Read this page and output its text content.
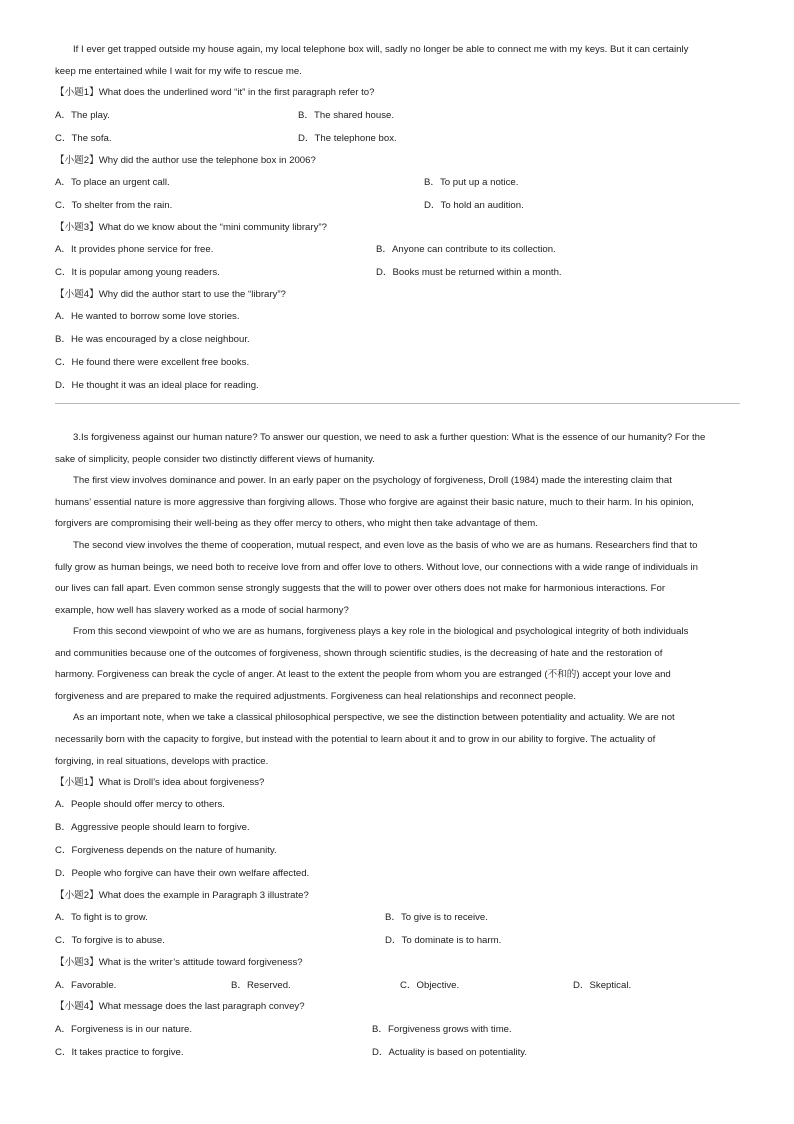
If I ever get trapped outside my house again, my local telephone box will, sadly no longer be able to connect me with my keys. But it can certainly
keep me entertained while I wait for my wife to rescue me.
【小题1】What does the underlined word “it” in the first paragraph refer to?
A．The play.	B．The shared house.
C．The sofa.	D．The telephone box.
【小题2】Why did the author use the telephone box in 2006?
A．To place an urgent call.	B．To put up a notice.
C．To shelter from the rain.	D．To hold an audition.
【小题3】What do we know about the “mini community library”?
A．It provides phone service for free.	B．Anyone can contribute to its collection.
C．It is popular among young readers.	D．Books must be returned within a month.
【小题4】Why did the author start to use the “library”?
A．He wanted to borrow some love stories.
B．He was encouraged by a close neighbour.
C．He found there were excellent free books.
D．He thought it was an ideal place for reading.
3.Is forgiveness against our human nature? To answer our question, we need to ask a further question: What is the essence of our humanity? For the
sake of simplicity, people consider two distinctly different views of humanity.
The first view involves dominance and power. In an early paper on the psychology of forgiveness, Droll (1984) made the interesting claim that
humans’ essential nature is more aggressive than forgiving allows. Those who forgive are against their basic nature, much to their harm. In his opinion,
forgivers are compromising their well-being as they offer mercy to others, who might then take advantage of them.
The second view involves the theme of cooperation, mutual respect, and even love as the basis of who we are as humans. Researchers find that to
fully grow as human beings, we need both to receive love from and offer love to others. Without love, our connections with a wide range of individuals in
our lives can fall apart. Even common sense strongly suggests that the will to power over others does not make for harmonious interactions. For
example, how well has slavery worked as a mode of social harmony?
From this second viewpoint of who we are as humans, forgiveness plays a key role in the biological and psychological integrity of both individuals
and communities because one of the outcomes of forgiveness, shown through scientific studies, is the decreasing of hate and the restoration of
harmony. Forgiveness can break the cycle of anger. At least to the extent the people from whom you are estranged (不和的) accept your love and
forgiveness and are prepared to make the required adjustments. Forgiveness can heal relationships and reconnect people.
As an important note, when we take a classical philosophical perspective, we see the distinction between potentiality and actuality. We are not
necessarily born with the capacity to forgive, but instead with the potential to learn about it and to grow in our ability to forgive. The actuality of
forgiving, in real situations, develops with practice.
【小题1】What is Droll’s idea about forgiveness?
A．People should offer mercy to others.
B．Aggressive people should learn to forgive.
C．Forgiveness depends on the nature of humanity.
D．People who forgive can have their own welfare affected.
【小题2】What does the example in Paragraph 3 illustrate?
A．To fight is to grow.	B．To give is to receive.
C．To forgive is to abuse.	D．To dominate is to harm.
【小题3】What is the writer’s attitude toward forgiveness?
A．Favorable.	B．Reserved.	C．Objective.	D．Skeptical.
【小题4】What message does the last paragraph convey?
A．Forgiveness is in our nature.	B．Forgiveness grows with time.
C．It takes practice to forgive.	D．Actuality is based on potentiality.
